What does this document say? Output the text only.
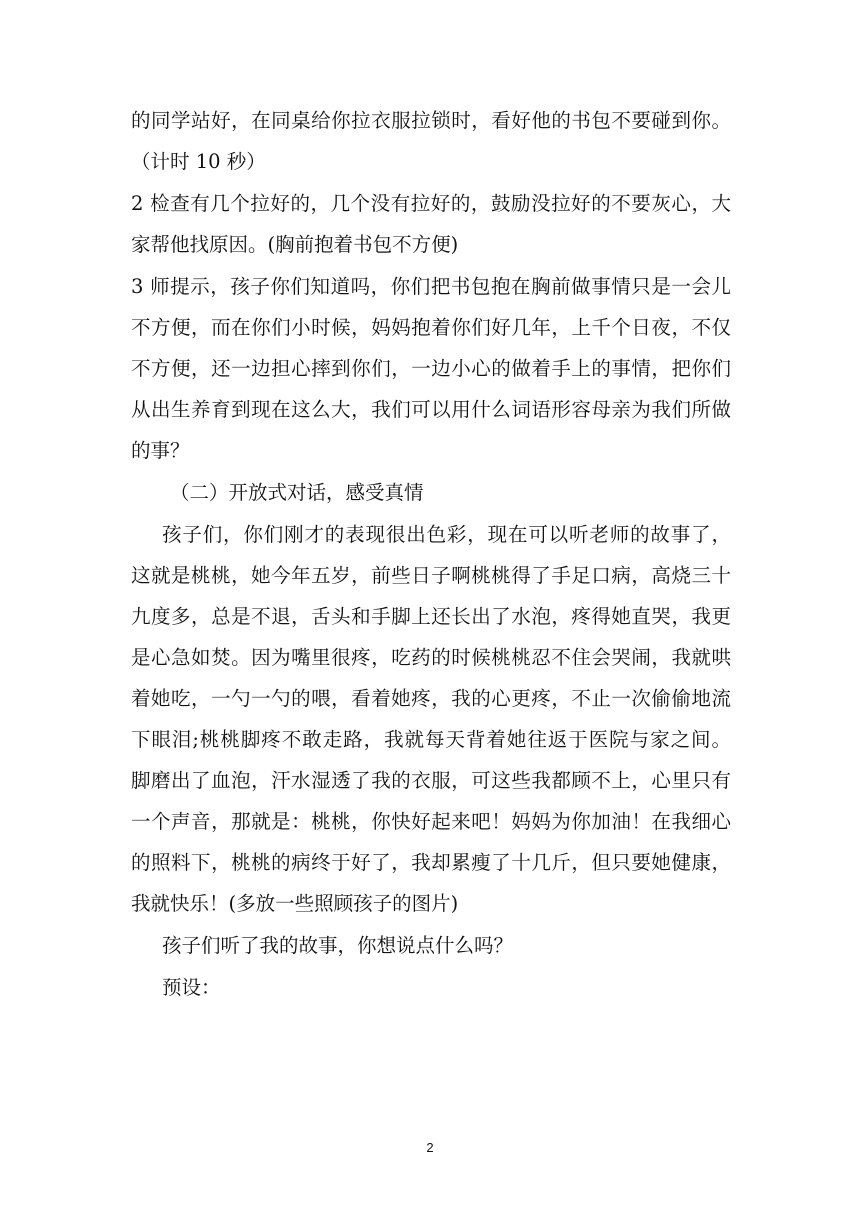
的同学站好，在同桌给你拉衣服拉锁时，看好他的书包不要碰到你。
（计时 10 秒）
2 检查有几个拉好的，几个没有拉好的，鼓励没拉好的不要灰心，大
家帮他找原因。(胸前抱着书包不方便)
3 师提示，孩子你们知道吗，你们把书包抱在胸前做事情只是一会儿
不方便，而在你们小时候，妈妈抱着你们好几年，上千个日夜，不仅
不方便，还一边担心摔到你们，一边小心的做着手上的事情，把你们
从出生养育到现在这么大，我们可以用什么词语形容母亲为我们所做
的事？
（二）开放式对话，感受真情
孩子们，你们刚才的表现很出色彩，现在可以听老师的故事了，
这就是桃桃，她今年五岁，前些日子啊桃桃得了手足口病，高烧三十
九度多，总是不退，舌头和手脚上还长出了水泡，疼得她直哭，我更
是心急如焚。因为嘴里很疼，吃药的时候桃桃忍不住会哭闹，我就哄
着她吃，一勺一勺的喂，看着她疼，我的心更疼，不止一次偷偷地流
下眼泪;桃桃脚疼不敢走路，我就每天背着她往返于医院与家之间。
脚磨出了血泡，汗水湿透了我的衣服，可这些我都顾不上，心里只有
一个声音，那就是：桃桃，你快好起来吧！妈妈为你加油！在我细心
的照料下，桃桃的病终于好了，我却累瘦了十几斤，但只要她健康，
我就快乐！(多放一些照顾孩子的图片)
孩子们听了我的故事，你想说点什么吗？
预设：
2
